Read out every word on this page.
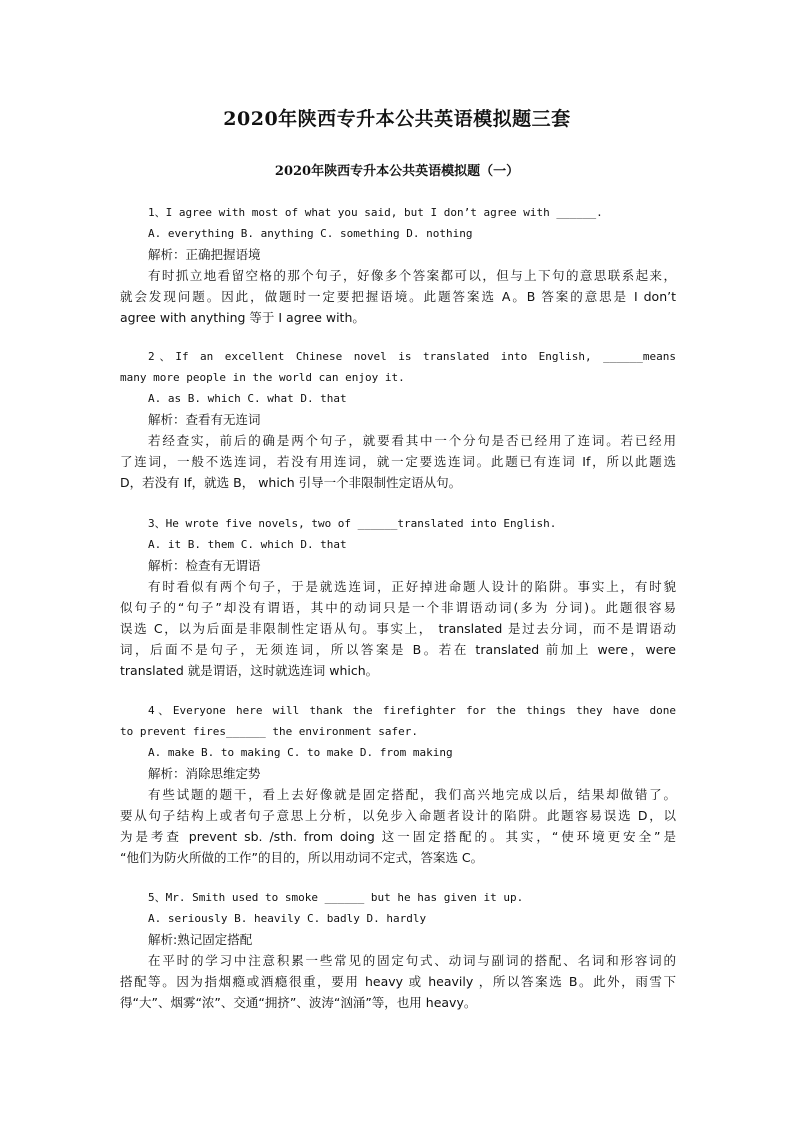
2020年陕西专升本公共英语模拟题三套
2020年陕西专升本公共英语模拟题（一）
1、I agree with most of what you said, but I don’t agree with ______.
A. everything B. anything C. something D. nothing
解析：正确把握语境
有时抓立地看留空格的那个句子，好像多个答案都可以，但与上下句的意思联系起来，
就会发现问题。因此，做题时一定要把握语境。此题答案选 A。B 答案的意思是 I don’t
agree with anything 等于 I agree with。
2、If an excellent Chinese novel is translated into English, ______means
many more people in the world can enjoy it.
A. as B. which C. what D. that
解析：查看有无连词
若经查实，前后的确是两个句子，就要看其中一个分句是否已经用了连词。若已经用
了连词，一般不选连词，若没有用连词，就一定要选连词。此题已有连词 If，所以此题选
D，若没有 If，就选 B， which 引导一个非限制性定语从句。
3、He wrote five novels, two of ______translated into English.
A. it B. them C. which D. that
解析：检查有无谓语
有时看似有两个句子，于是就选连词，正好掉进命题人设计的陷阱。事实上，有时貌
似句子的“句子”却没有谓语，其中的动词只是一个非谓语动词(多为 分词)。此题很容易
误选 C，以为后面是非限制性定语从句。事实上， translated 是过去分词，而不是谓语动
词，后面不是句子，无须连词，所以答案是 B。若在 translated 前加上 were，were
translated 就是谓语，这时就选连词 which。
4、Everyone here will thank the firefighter for the things they have done
to prevent fires______ the environment safer.
A. make B. to making C. to make D. from making
解析：消除思维定势
有些试题的题干，看上去好像就是固定搭配，我们高兴地完成以后，结果却做错了。
要从句子结构上或者句子意思上分析，以免步入命题者设计的陷阱。此题容易误选 D，以
为是考查 prevent sb. /sth. from doing 这一固定搭配的。其实，“使环境更安全”是
“他们为防火所做的工作”的目的，所以用动词不定式，答案选 C。
5、Mr. Smith used to smoke ______ but he has given it up.
A. seriously B. heavily C. badly D. hardly
解析:熟记固定搭配
在平时的学习中注意积累一些常见的固定句式、动词与副词的搭配、名词和形容词的
搭配等。因为指烟瘾或酒瘾很重，要用 heavy 或 heavily ，所以答案选 B。此外，雨雪下
得“大”、烟雾“浓”、交通“拥挤”、波涛“汹涌”等，也用 heavy。
